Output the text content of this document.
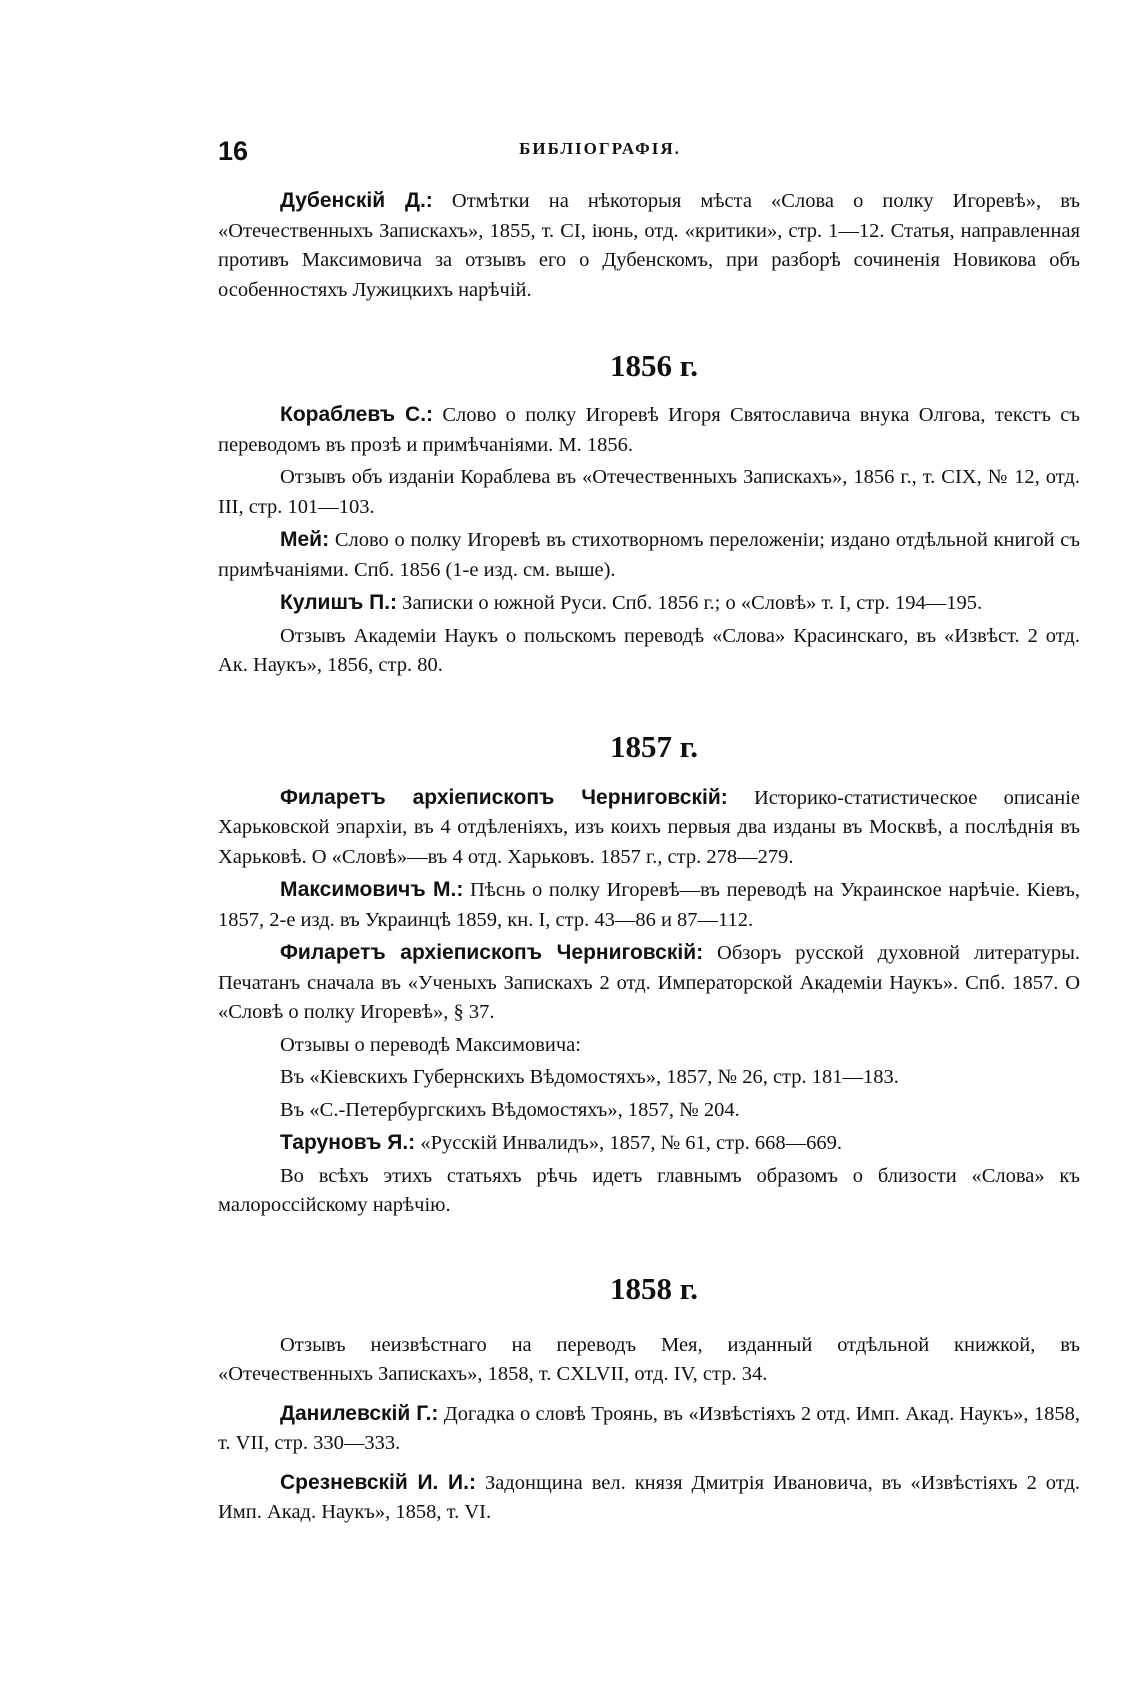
16	БИБЛІОГРАФІЯ.

Дубенскій Д.: Отмѣтки на нѣкоторыя мѣста «Слова о полку Игоревѣ», въ «Отечественныхъ Запискахъ», 1855, т. CI, іюнь, отд. «критики», стр. 1—12. Статья, направленная противъ Максимовича за отзывъ его о Дубенскомъ, при разборѣ сочиненія Новикова объ особенностяхъ Лужицкихъ нарѣчій.

1856 г.

Кораблевъ С.: Слово о полку Игоревѣ Игоря Святославича внука Олгова, текстъ съ переводомъ въ прозѣ и примѣчаніями. М. 1856.

Отзывъ объ изданіи Кораблева въ «Отечественныхъ Запискахъ», 1856 г., т. CIX, № 12, отд. III, стр. 101—103.

Мей: Слово о полку Игоревѣ въ стихотворномъ переложеніи; издано отдѣльной книгой съ примѣчаніями. Спб. 1856 (1-е изд. см. выше).

Кулишъ П.: Записки о южной Руси. Спб. 1856 г.; о «Словѣ» т. I, стр. 194—195.

Отзывъ Академіи Наукъ о польскомъ переводѣ «Слова» Красинскаго, въ «Извѣст. 2 отд. Ак. Наукъ», 1856, стр. 80.

1857 г.

Филаретъ архіепископъ Черниговскій: Историко-статистическое описаніе Харьковской эпархіи, въ 4 отдѣленіяхъ, изъ коихъ первыя два изданы въ Москвѣ, а послѣднія въ Харьковѣ. О «Словѣ»—въ 4 отд. Харьковъ. 1857 г., стр. 278—279.

Максимовичъ М.: Пѣснь о полку Игоревѣ—въ переводѣ на Украинское нарѣчіе. Кіевъ, 1857, 2-е изд. въ Украинцѣ 1859, кн. I, стр. 43—86 и 87—112.

Филаретъ архіепископъ Черниговскій: Обзоръ русской духовной литературы. Печатанъ сначала въ «Ученыхъ Запискахъ 2 отд. Императорской Академіи Наукъ». Спб. 1857. О «Словѣ о полку Игоревѣ», § 37.

Отзывы о переводѣ Максимовича:

Въ «Кіевскихъ Губернскихъ Вѣдомостяхъ», 1857, № 26, стр. 181—183.

Въ «С.-Петербургскихъ Вѣдомостяхъ», 1857, № 204.

Таруновъ Я.: «Русскій Инвалидъ», 1857, № 61, стр. 668—669.

Во всѣхъ этихъ статьяхъ рѣчь идетъ главнымъ образомъ о близости «Слова» къ малороссійскому нарѣчію.

1858 г.

Отзывъ неизвѣстнаго на переводъ Мея, изданный отдѣльной книжкой, въ «Отечественныхъ Запискахъ», 1858, т. CXLVII, отд. IV, стр. 34.

Данилевскій Г.: Догадка о словѣ Троянь, въ «Извѣстіяхъ 2 отд. Имп. Акад. Наукъ», 1858, т. VII, стр. 330—333.

Срезневскій И. И.: Задонщина вел. князя Дмитрія Ивановича, въ «Извѣстіяхъ 2 отд. Имп. Акад. Наукъ», 1858, т. VI.
